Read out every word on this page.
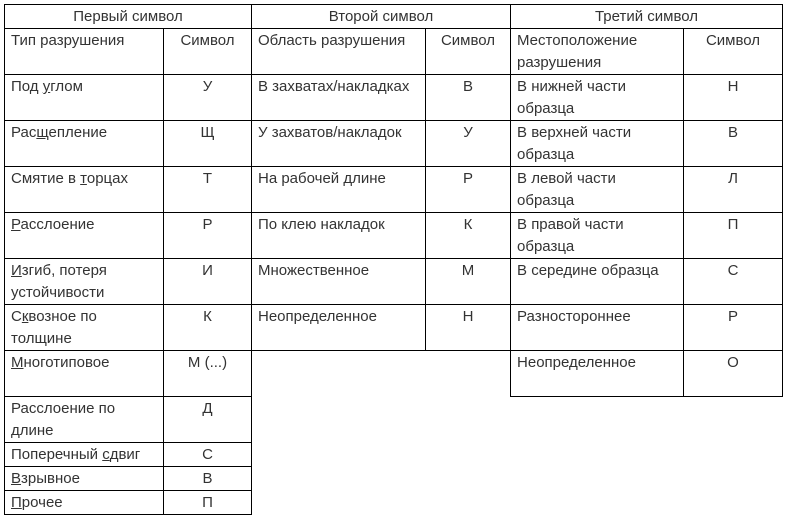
Первый символ		Второй символ		Третий символ	
Тип разрушения	Символ	Область разрушения	Символ	Местоположение разрушения	Символ
Под углом	У	В захватах/накладках	В	В нижней части образца	Н
Расщепление	Щ	У захватов/накладок	У	В верхней части образца	В
Смятие в торцах	Т	На рабочей длине	Р	В левой части образца	Л
Расслоение	Р	По клею накладок	К	В правой части образца	П
Изгиб, потеря устойчивости	И	Множественное	М	В середине образца	С
Сквозное по толщине	К	Неопределенное	Н	Разностороннее	Р
Многотиповое	М (...)			Неопределенное	О
Расслоение по длине	Д				
Поперечный сдвиг	С				
Взрывное	В				
Прочее	П				
